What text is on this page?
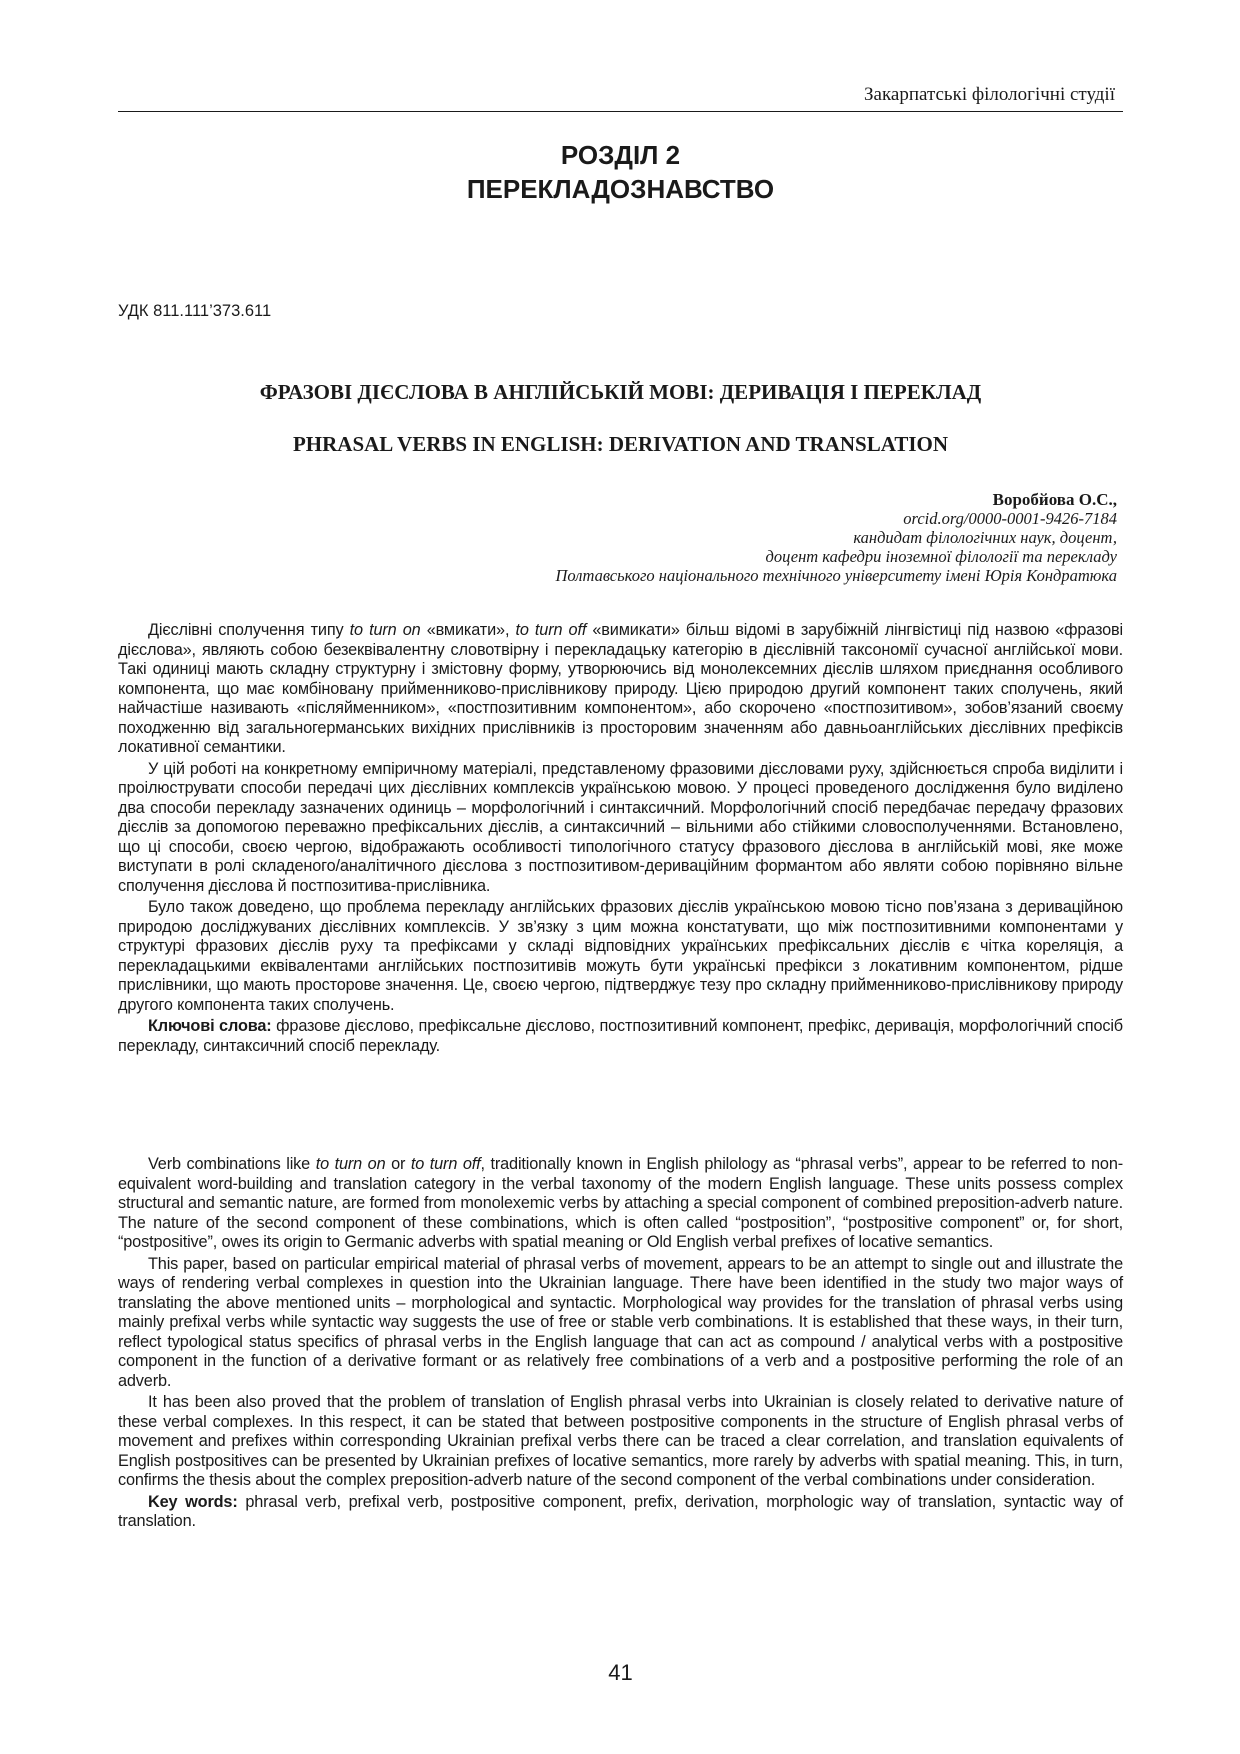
Закарпатські філологічні студії
РОЗДІЛ 2
ПЕРЕКЛАДОЗНАВСТВО
УДК 811.111’373.611
ФРАЗОВІ ДІЄСЛОВА В АНГЛІЙСЬКІЙ МОВІ: ДЕРИВАЦІЯ І ПЕРЕКЛАД
PHRASAL VERBS IN ENGLISH: DERIVATION AND TRANSLATION
Воробйова О.С.,
orcid.org/0000-0001-9426-7184
кандидат філологічних наук, доцент,
доцент кафедри іноземної філології та перекладу
Полтавського національного технічного університету імені Юрія Кондратюка

Дієслівні сполучення типу to turn on «вмикати», to turn off «вимикати» більш відомі в зарубіжній лінгвістиці під назвою «фразові дієслова», являють собою безеквівалентну словотвірну і перекладацьку категорію в дієслівній таксономії сучасної англійської мови. Такі одиниці мають складну структурну і змістовну форму, утворюючись від монолексемних дієслів шляхом приєднання особливого компонента, що має комбіновану прийменниково-прислівникову природу. Цією природою другий компонент таких сполучень, який найчастіше називають «післяйменником», «постпозитивним компонентом», або скорочено «постпозитивом», зобов’язаний своєму походженню від загальногерманських вихідних прислівників із просторовим значенням або давньоанглійських дієслівних префіксів локативної семантики.

У цій роботі на конкретному емпіричному матеріалі, представленому фразовими дієсловами руху, здійснюється спроба виділити і проілюструвати способи передачі цих дієслівних комплексів українською мовою. У процесі проведеного дослідження було виділено два способи перекладу зазначених одиниць – морфологічний і синтаксичний. Морфологічний спосіб передбачає передачу фразових дієслів за допомогою переважно префіксальних дієслів, а синтаксичний – вільними або стійкими словосполученнями. Встановлено, що ці способи, своєю чергою, відображають особливості типологічного статусу фразового дієслова в англійській мові, яке може виступати в ролі складеного/аналітичного дієслова з постпозитивом-дериваційним формантом або являти собою порівняно вільне сполучення дієслова й постпозитива-прислівника.

Було також доведено, що проблема перекладу англійських фразових дієслів українською мовою тісно пов’язана з дериваційною природою досліджуваних дієслівних комплексів. У зв’язку з цим можна констатувати, що між постпозитивними компонентами у структурі фразових дієслів руху та префіксами у складі відповідних українських префіксальних дієслів є чітка кореляція, а перекладацькими еквівалентами англійських постпозитивів можуть бути українські префікси з локативним компонентом, рідше прислівники, що мають просторове значення. Це, своєю чергою, підтверджує тезу про складну прийменниково-прислівникову природу другого компонента таких сполучень.

Ключові слова: фразове дієслово, префіксальне дієслово, постпозитивний компонент, префікс, деривація, морфологічний спосіб перекладу, синтаксичний спосіб перекладу.

Verb combinations like to turn on or to turn off, traditionally known in English philology as “phrasal verbs”, appear to be referred to non-equivalent word-building and translation category in the verbal taxonomy of the modern English language. These units possess complex structural and semantic nature, are formed from monolexemic verbs by attaching a special component of combined preposition-adverb nature. The nature of the second component of these combinations, which is often called “postposition”, “postpositive component” or, for short, “postpositive”, owes its origin to Germanic adverbs with spatial meaning or Old English verbal prefixes of locative semantics.

This paper, based on particular empirical material of phrasal verbs of movement, appears to be an attempt to single out and illustrate the ways of rendering verbal complexes in question into the Ukrainian language. There have been identified in the study two major ways of translating the above mentioned units – morphological and syntactic. Morphological way provides for the translation of phrasal verbs using mainly prefixal verbs while syntactic way suggests the use of free or stable verb combinations. It is established that these ways, in their turn, reflect typological status specifics of phrasal verbs in the English language that can act as compound / analytical verbs with a postpositive component in the function of a derivative formant or as relatively free combinations of a verb and a postpositive performing the role of an adverb.

It has been also proved that the problem of translation of English phrasal verbs into Ukrainian is closely related to derivative nature of these verbal complexes. In this respect, it can be stated that between postpositive components in the structure of English phrasal verbs of movement and prefixes within corresponding Ukrainian prefixal verbs there can be traced a clear correlation, and translation equivalents of English postpositives can be presented by Ukrainian prefixes of locative semantics, more rarely by adverbs with spatial meaning. This, in turn, confirms the thesis about the complex preposition-adverb nature of the second component of the verbal combinations under consideration.

Key words: phrasal verb, prefixal verb, postpositive component, prefix, derivation, morphologic way of translation, syntactic way of translation.

41
